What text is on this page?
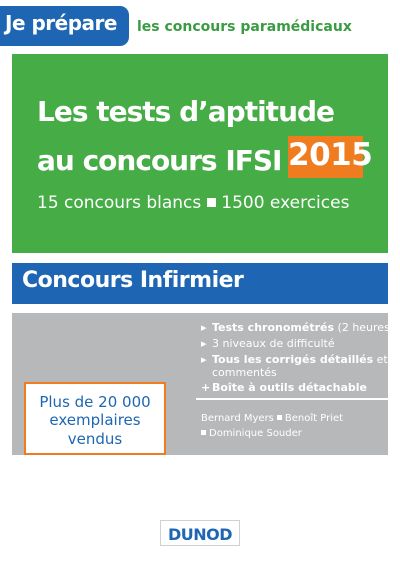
Je prépare les concours paramédicaux
Les tests d’aptitude
au concours IFSI 2015
15 concours blancs 1500 exercices
Concours Infirmier
Plus de 20 000
exemplaires
vendus
▸ Tests chronométrés (2 heures)
▸ 3 niveaux de difficulté
▸ Tous les corrigés détaillés et
commentés
+ Boîte à outils détachable
Bernard Myers Benoît Priet
Dominique Souder
DUNOD
